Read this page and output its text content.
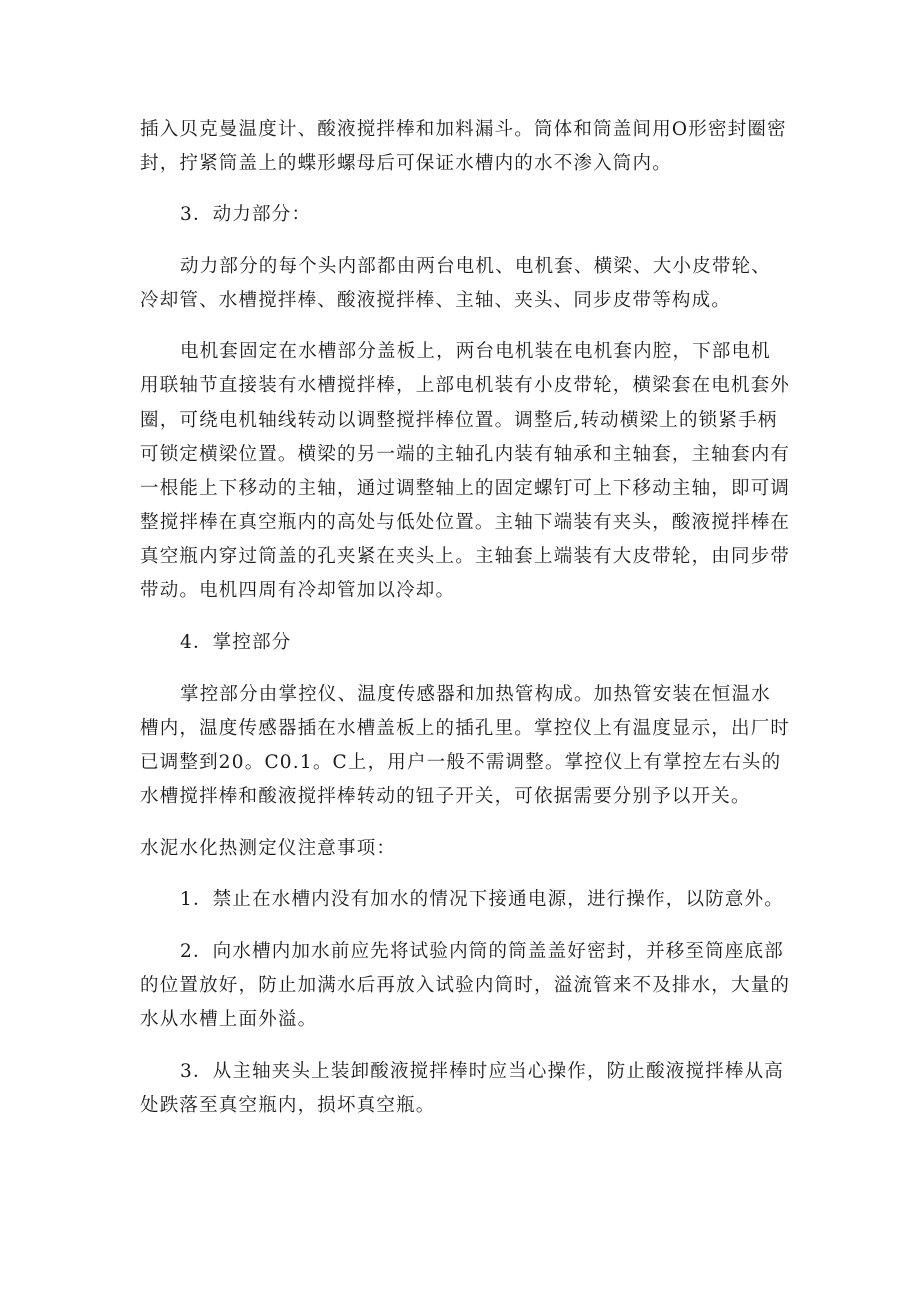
插入贝克曼温度计、酸液搅拌棒和加料漏斗。筒体和筒盖间用O形密封圈密
封，拧紧筒盖上的蝶形螺母后可保证水槽内的水不渗入筒内。
3．动力部分：
动力部分的每个头内部都由两台电机、电机套、横梁、大小皮带轮、
冷却管、水槽搅拌棒、酸液搅拌棒、主轴、夹头、同步皮带等构成。
电机套固定在水槽部分盖板上，两台电机装在电机套内腔，下部电机
用联轴节直接装有水槽搅拌棒，上部电机装有小皮带轮，横梁套在电机套外
圈，可绕电机轴线转动以调整搅拌棒位置。调整后,转动横梁上的锁紧手柄
可锁定横梁位置。横梁的另一端的主轴孔内装有轴承和主轴套，主轴套内有
一根能上下移动的主轴，通过调整轴上的固定螺钉可上下移动主轴，即可调
整搅拌棒在真空瓶内的高处与低处位置。主轴下端装有夹头，酸液搅拌棒在
真空瓶内穿过筒盖的孔夹紧在夹头上。主轴套上端装有大皮带轮，由同步带
带动。电机四周有冷却管加以冷却。
4．掌控部分
掌控部分由掌控仪、温度传感器和加热管构成。加热管安装在恒温水
槽内，温度传感器插在水槽盖板上的插孔里。掌控仪上有温度显示，出厂时
已调整到20。C0.1。C上，用户一般不需调整。掌控仪上有掌控左右头的
水槽搅拌棒和酸液搅拌棒转动的钮子开关，可依据需要分别予以开关。
水泥水化热测定仪注意事项：
1．禁止在水槽内没有加水的情况下接通电源，进行操作，以防意外。
2．向水槽内加水前应先将试验内筒的筒盖盖好密封，并移至筒座底部
的位置放好，防止加满水后再放入试验内筒时，溢流管来不及排水，大量的
水从水槽上面外溢。
3．从主轴夹头上装卸酸液搅拌棒时应当心操作，防止酸液搅拌棒从高
处跌落至真空瓶内，损坏真空瓶。
